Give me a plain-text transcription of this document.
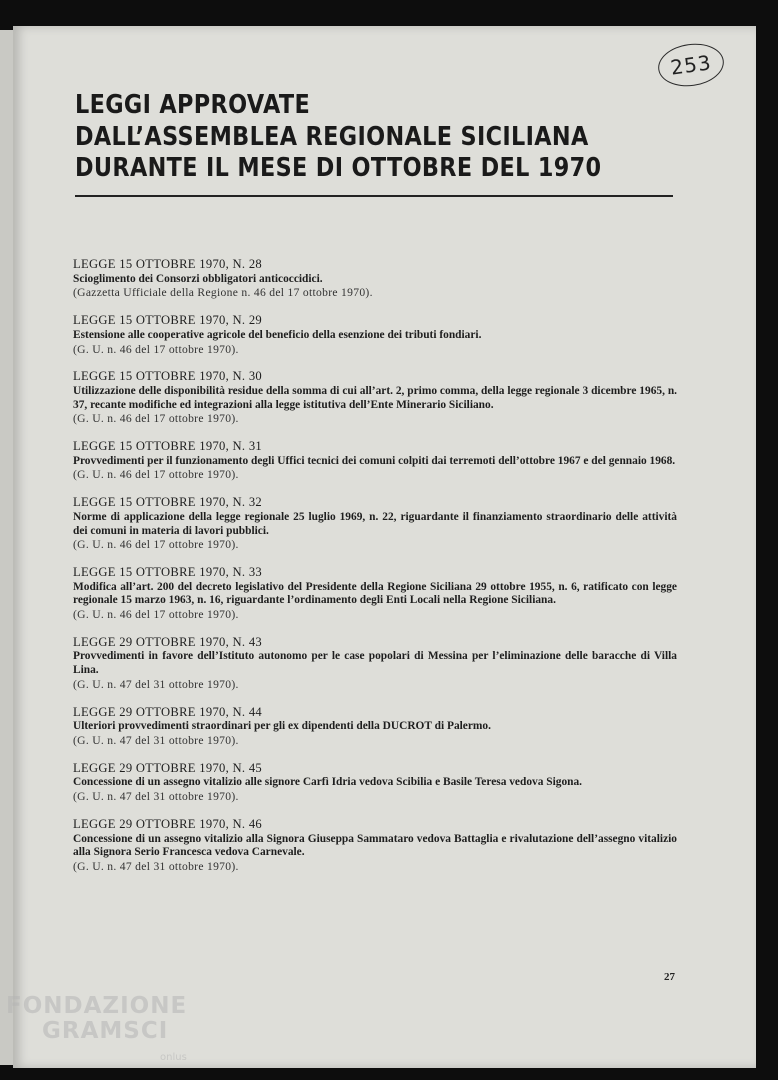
253
LEGGI APPROVATE
DALL’ASSEMBLEA REGIONALE SICILIANA
DURANTE IL MESE DI OTTOBRE DEL 1970
LEGGE 15 OTTOBRE 1970, N. 28
Scioglimento dei Consorzi obbligatori anticoccidici.
(Gazzetta Ufficiale della Regione n. 46 del 17 ottobre 1970).
LEGGE 15 OTTOBRE 1970, N. 29
Estensione alle cooperative agricole del beneficio della esenzione dei tributi fondiari.
(G. U. n. 46 del 17 ottobre 1970).
LEGGE 15 OTTOBRE 1970, N. 30
Utilizzazione delle disponibilità residue della somma di cui all’art. 2, primo comma, della legge regionale 3 dicembre 1965, n. 37, recante modifiche ed integrazioni alla legge istitutiva dell’Ente Minerario Siciliano.
(G. U. n. 46 del 17 ottobre 1970).
LEGGE 15 OTTOBRE 1970, N. 31
Provvedimenti per il funzionamento degli Uffici tecnici dei comuni colpiti dai terremoti dell’ottobre 1967 e del gennaio 1968.
(G. U. n. 46 del 17 ottobre 1970).
LEGGE 15 OTTOBRE 1970, N. 32
Norme di applicazione della legge regionale 25 luglio 1969, n. 22, riguardante il finanziamento straordinario delle attività dei comuni in materia di lavori pubblici.
(G. U. n. 46 del 17 ottobre 1970).
LEGGE 15 OTTOBRE 1970, N. 33
Modifica all’art. 200 del decreto legislativo del Presidente della Regione Siciliana 29 ottobre 1955, n. 6, ratificato con legge regionale 15 marzo 1963, n. 16, riguardante l’ordinamento degli Enti Locali nella Regione Siciliana.
(G. U. n. 46 del 17 ottobre 1970).
LEGGE 29 OTTOBRE 1970, N. 43
Provvedimenti in favore dell’Istituto autonomo per le case popolari di Messina per l’eliminazione delle baracche di Villa Lina.
(G. U. n. 47 del 31 ottobre 1970).
LEGGE 29 OTTOBRE 1970, N. 44
Ulteriori provvedimenti straordinari per gli ex dipendenti della DUCROT di Palermo.
(G. U. n. 47 del 31 ottobre 1970).
LEGGE 29 OTTOBRE 1970, N. 45
Concessione di un assegno vitalizio alle signore Carfì Idria vedova Scibilia e Basile Teresa vedova Sigona.
(G. U. n. 47 del 31 ottobre 1970).
LEGGE 29 OTTOBRE 1970, N. 46
Concessione di un assegno vitalizio alla Signora Giuseppa Sammataro vedova Battaglia e rivalutazione dell’assegno vitalizio alla Signora Serio Francesca vedova Carnevale.
(G. U. n. 47 del 31 ottobre 1970).
27
FONDAZIONE
GRAMSCI
onlus
